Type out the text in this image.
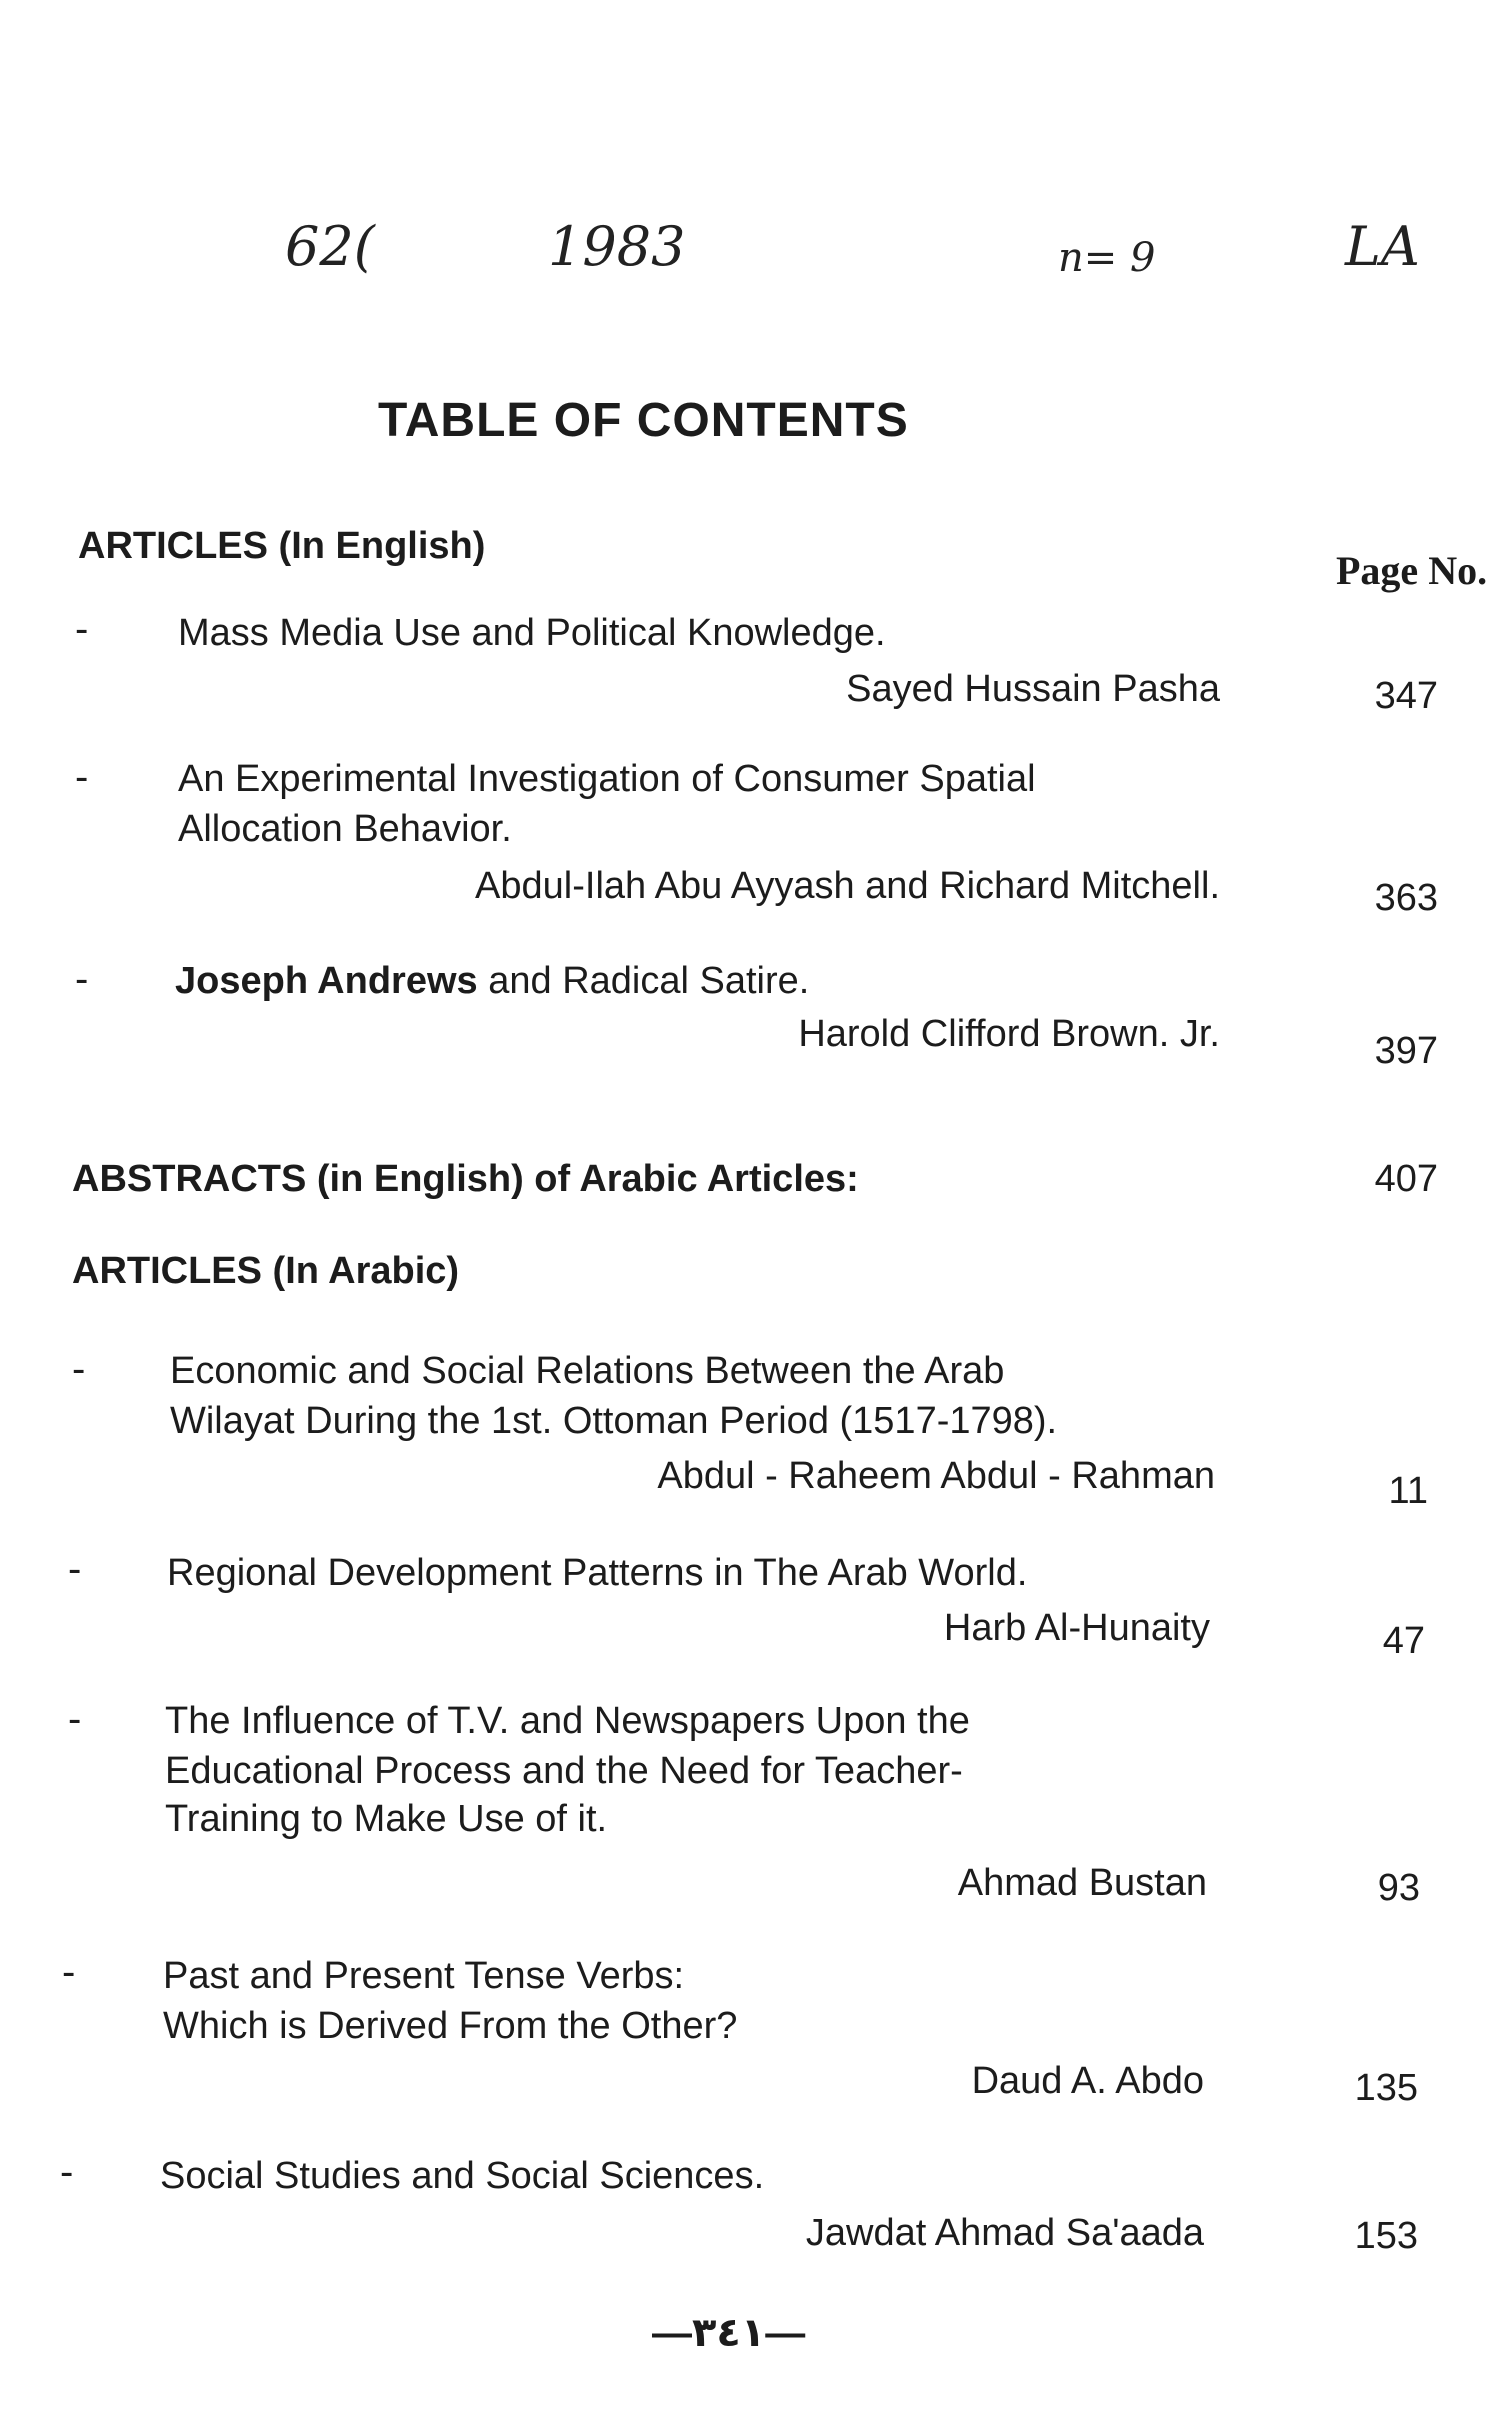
62(	1983	n= 9	LA
TABLE OF CONTENTS
ARTICLES (In English)
Page No.
- Mass Media Use and Political Knowledge.
Sayed Hussain Pasha	347
- An Experimental Investigation of Consumer Spatial
Allocation Behavior.
Abdul-Ilah Abu Ayyash and Richard Mitchell.	363
- Joseph Andrews and Radical Satire.
Harold Clifford Brown. Jr.	397
ABSTRACTS (in English) of Arabic Articles:	407
ARTICLES (In Arabic)
- Economic and Social Relations Between the Arab
Wilayat During the 1st. Ottoman Period (1517-1798).
Abdul - Raheem Abdul - Rahman	11
- Regional Development Patterns in The Arab World.
Harb Al-Hunaity	47
- The Influence of T.V. and Newspapers Upon the
Educational Process and the Need for Teacher-
Training to Make Use of it.
Ahmad Bustan	93
- Past and Present Tense Verbs:
Which is Derived From the Other?
Daud A. Abdo	135
- Social Studies and Social Sciences.
Jawdat Ahmad Sa'aada	153
—٣٤١—
